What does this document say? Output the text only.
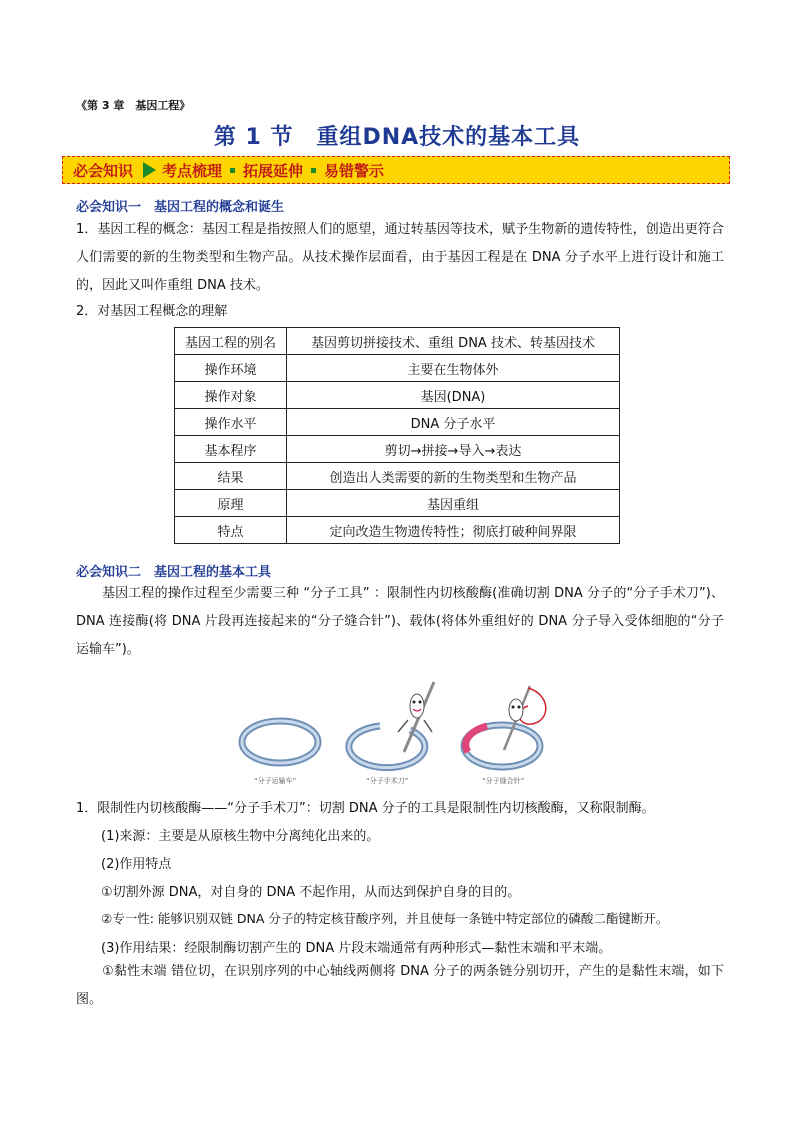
《第 3 章　基因工程》
第 1 节　重组DNA技术的基本工具
必会知识 考点梳理 拓展延伸 易错警示
必会知识一　基因工程的概念和诞生
1．基因工程的概念：基因工程是指按照人们的愿望，通过转基因等技术，赋予生物新的遗传特性，创造出更符合人们需要的新的生物类型和生物产品。从技术操作层面看，由于基因工程是在 DNA 分子水平上进行设计和施工的，因此又叫作重组 DNA 技术。
2．对基因工程概念的理解
基因工程的别名	基因剪切拼接技术、重组 DNA 技术、转基因技术
操作环境	主要在生物体外
操作对象	基因(DNA)
操作水平	DNA 分子水平
基本程序	剪切→拼接→导入→表达
结果	创造出人类需要的新的生物类型和生物产品
原理	基因重组
特点	定向改造生物遗传特性；彻底打破种间界限
必会知识二　基因工程的基本工具
基因工程的操作过程至少需要三种 “分子工具” ：限制性内切核酸酶(准确切割 DNA 分子的“分子手术刀”)、DNA 连接酶(将 DNA 片段再连接起来的“分子缝合针”)、载体(将体外重组好的 DNA 分子导入受体细胞的“分子运输车”)。
“分子运输车”	“分子手术刀”	“分子缝合针”
1．限制性内切核酸酶——“分子手术刀”：切割 DNA 分子的工具是限制性内切核酸酶，又称限制酶。
(1)来源：主要是从原核生物中分离纯化出来的。
(2)作用特点
①切割外源 DNA，对自身的 DNA 不起作用，从而达到保护自身的目的。
②专一性: 能够识别双链 DNA 分子的特定核苷酸序列，并且使每一条链中特定部位的磷酸二酯键断开。
(3)作用结果：经限制酶切割产生的 DNA 片段末端通常有两种形式—黏性末端和平末端。
①黏性末端 错位切，在识别序列的中心轴线两侧将 DNA 分子的两条链分别切开，产生的是黏性末端，如下图。
